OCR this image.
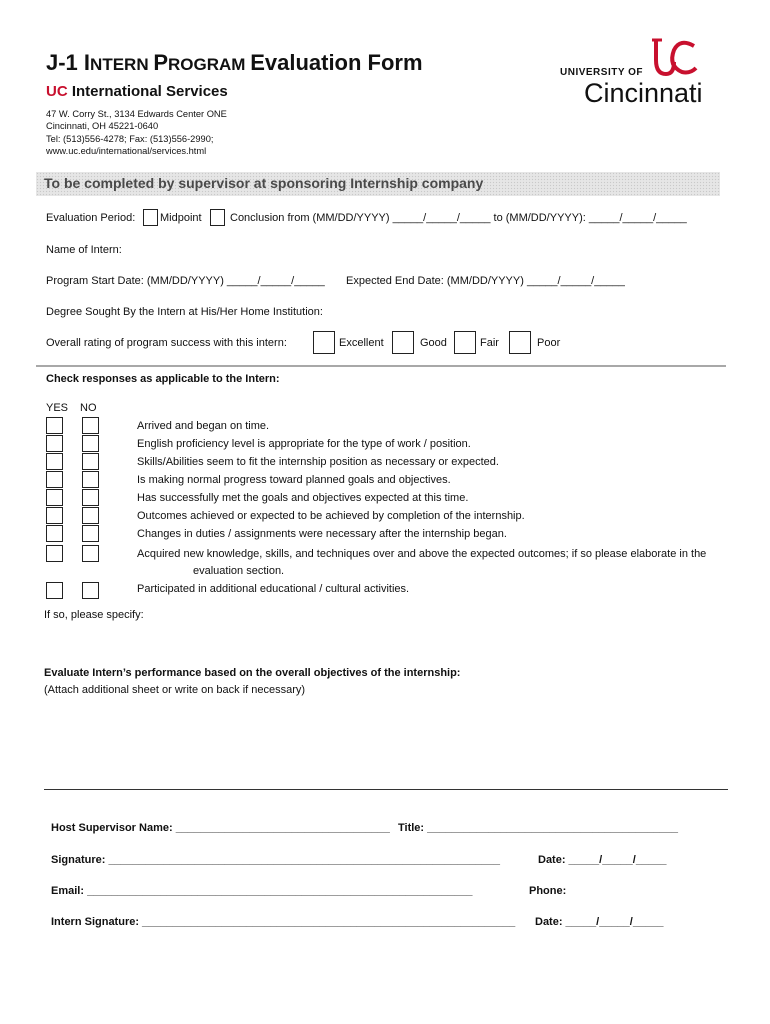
J-1 INTERN PROGRAM Evaluation Form
UC International Services
47 W. Corry St., 3134 Edwards Center ONE
Cincinnati, OH 45221-0640
Tel: (513)556-4278; Fax: (513)556-2990;
www.uc.edu/international/services.html
UNIVERSITY OF
Cincinnati
To be completed by supervisor at sponsoring Internship company
Evaluation Period: Midpoint	Conclusion from (MM/DD/YYYY) _____/_____/_____ to (MM/DD/YYYY): _____/_____/_____
Name of Intern:
Program Start Date: (MM/DD/YYYY) _____/_____/_____ Expected End Date: (MM/DD/YYYY) _____/_____/_____
Degree Sought By the Intern at His/Her Home Institution:
Overall rating of program success with this intern:	Excellent	Good	Fair	Poor
Check responses as applicable to the Intern:
YES NO
Arrived and began on time.
English proficiency level is appropriate for the type of work / position.
Skills/Abilities seem to fit the internship position as necessary or expected.
Is making normal progress toward planned goals and objectives.
Has successfully met the goals and objectives expected at this time.
Outcomes achieved or expected to be achieved by completion of the internship.
Changes in duties / assignments were necessary after the internship began.
Acquired new knowledge, skills, and techniques over and above the expected outcomes; if so please elaborate in the
evaluation section.
Participated in additional educational / cultural activities.
If so, please specify:
Evaluate Intern’s performance based on the overall objectives of the internship:
(Attach additional sheet or write on back if necessary)
Host Supervisor Name: ___________________________________ Title: _________________________________________
Signature: ________________________________________________________________	Date: _____/_____/_____
Email: _______________________________________________________________	Phone:
Intern Signature: _____________________________________________________________ Date: _____/_____/_____
